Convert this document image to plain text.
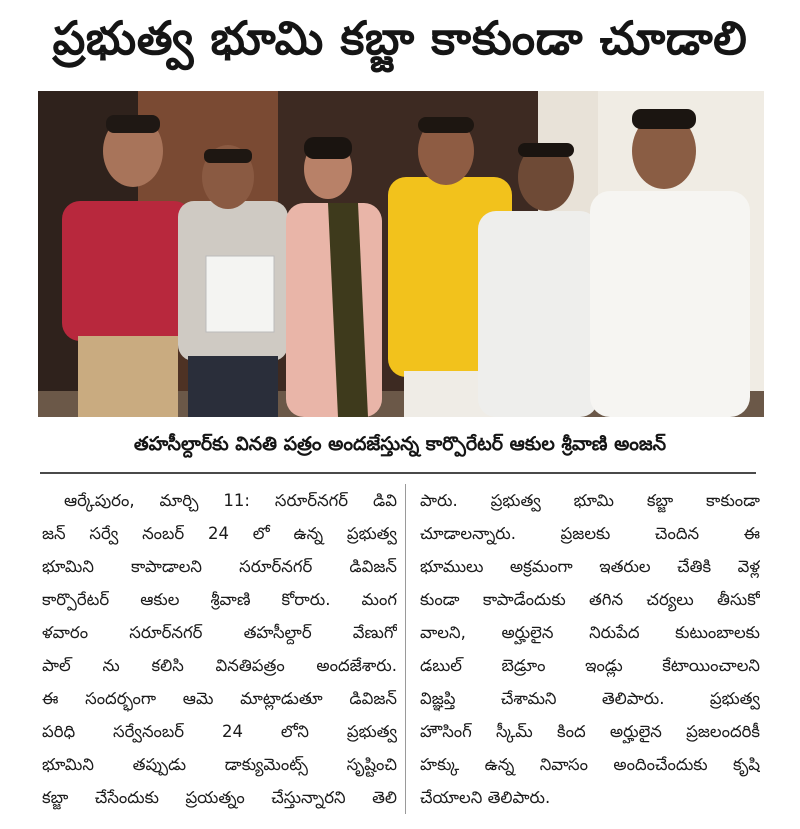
ప్రభుత్వ భూమి కబ్జా కాకుండా చూడాలి
తహసీల్దార్‌కు వినతి పత్రం అందజేస్తున్న కార్పొరేటర్ ఆకుల శ్రీవాణి అంజన్
ఆర్కేపురం, మార్చి 11: సరూర్‌నగర్ డివి
జన్ సర్వే నంబర్ 24 లో ఉన్న ప్రభుత్వ
భూమిని కాపాడాలని సరూర్‌నగర్ డివిజన్
కార్పొరేటర్ ఆకుల శ్రీవాణి కోరారు. మంగ
ళవారం సరూర్‌నగర్ తహసీల్దార్ వేణుగో
పాల్ ను కలిసి వినతిపత్రం అందజేశారు.
ఈ సందర్భంగా ఆమె మాట్లాడుతూ డివిజన్
పరిధి సర్వేనంబర్ 24 లోని ప్రభుత్వ
భూమిని తప్పుడు డాక్యుమెంట్స్ సృష్టించి
కబ్జా చేసేందుకు ప్రయత్నం చేస్తున్నారని తెలి
పారు. ప్రభుత్వ భూమి కబ్జా కాకుండా
చూడాలన్నారు. ప్రజలకు చెందిన ఈ
భూములు అక్రమంగా ఇతరుల చేతికి వెళ్ల
కుండా కాపాడేందుకు తగిన చర్యలు తీసుకో
వాలని, అర్హులైన నిరుపేద కుటుంబాలకు
డబుల్ బెడ్రూం ఇండ్లు కేటాయించాలని
విజ్ఞప్తి చేశామని తెలిపారు. ప్రభుత్వ
హౌసింగ్ స్కీమ్ కింద అర్హులైన ప్రజలందరికీ
హక్కు ఉన్న నివాసం అందించేందుకు కృషి
చేయాలని తెలిపారు.
